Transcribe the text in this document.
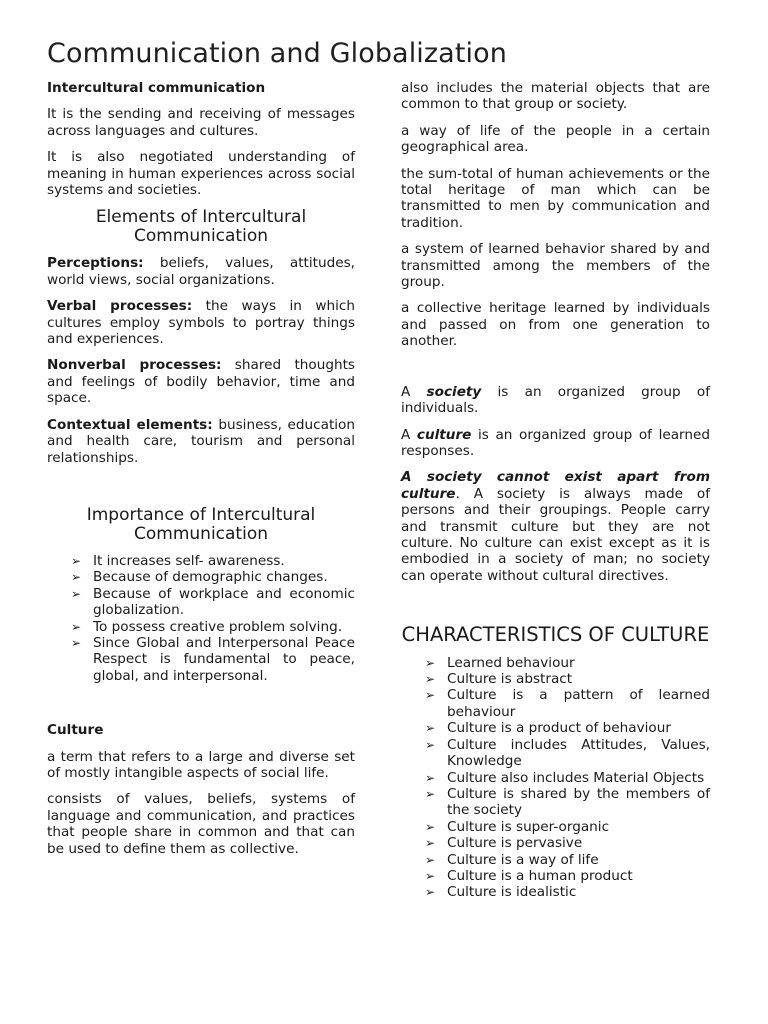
Communication and Globalization
Intercultural communication

It is the sending and receiving of messages across languages and cultures.

It is also negotiated understanding of meaning in human experiences across social systems and societies.

Elements of Intercultural Communication

Perceptions: beliefs, values, attitudes, world views, social organizations.

Verbal processes: the ways in which cultures employ symbols to portray things and experiences.

Nonverbal processes: shared thoughts and feelings of bodily behavior, time and space.

Contextual elements: business, education and health care, tourism and personal relationships.

Importance of Intercultural Communication
➢ It increases self- awareness.
➢ Because of demographic changes.
➢ Because of workplace and economic globalization.
➢ To possess creative problem solving.
➢ Since Global and Interpersonal Peace Respect is fundamental to peace, global, and interpersonal.
Culture

a term that refers to a large and diverse set of mostly intangible aspects of social life.

consists of values, beliefs, systems of language and communication, and practices that people share in common and that can be used to define them as collective.

also includes the material objects that are common to that group or society.

a way of life of the people in a certain geographical area.

the sum-total of human achievements or the total heritage of man which can be transmitted to men by communication and tradition.

a system of learned behavior shared by and transmitted among the members of the group.

a collective heritage learned by individuals and passed on from one generation to another.

A society is an organized group of individuals.

A culture is an organized group of learned responses.

A society cannot exist apart from culture. A society is always made of persons and their groupings. People carry and transmit culture but they are not culture. No culture can exist except as it is embodied in a society of man; no society can operate without cultural directives.

CHARACTERISTICS OF CULTURE
➢ Learned behaviour
➢ Culture is abstract
➢ Culture is a pattern of learned behaviour
➢ Culture is a product of behaviour
➢ Culture includes Attitudes, Values, Knowledge
➢ Culture also includes Material Objects
➢ Culture is shared by the members of the society
➢ Culture is super-organic
➢ Culture is pervasive
➢ Culture is a way of life
➢ Culture is a human product
➢ Culture is idealistic
